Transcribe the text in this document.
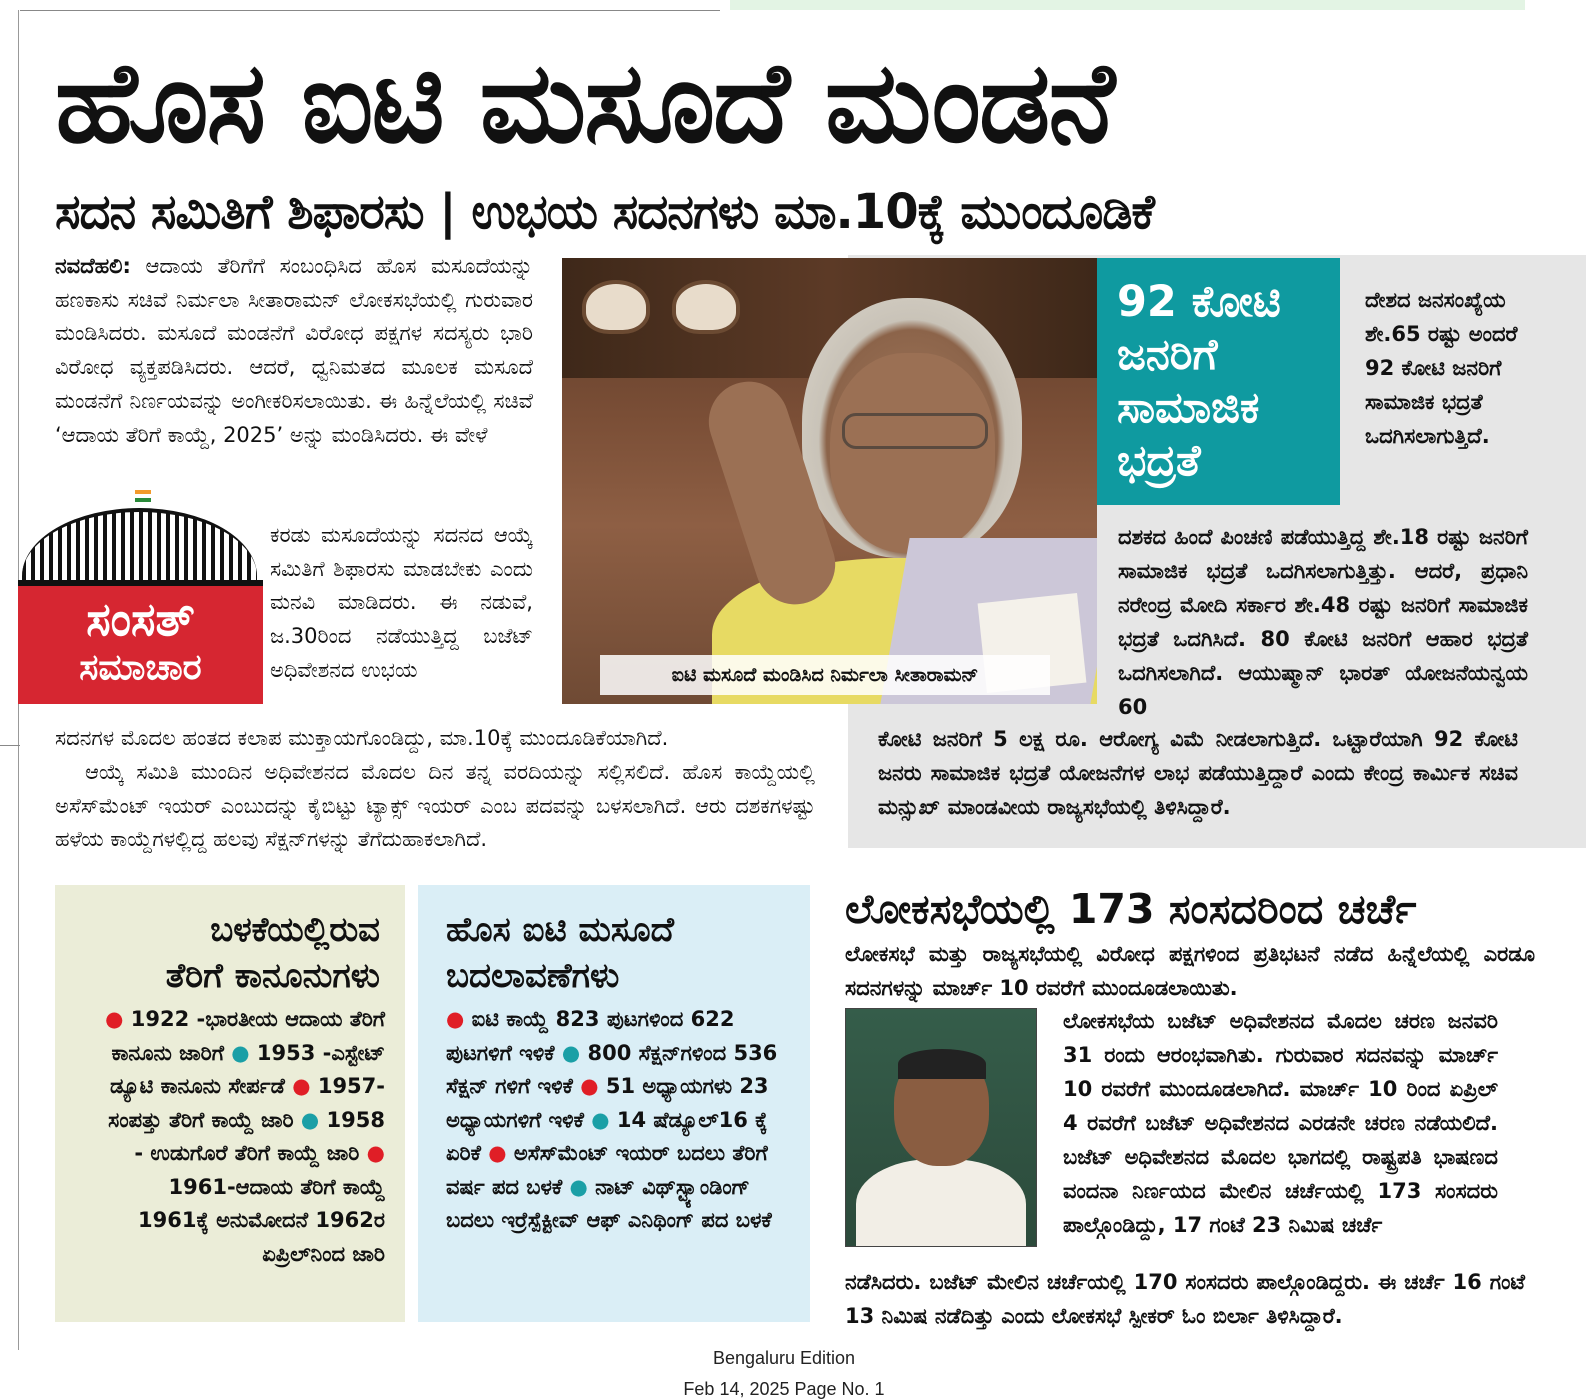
ಹೊಸ ಐಟಿ ಮಸೂದೆ ಮಂಡನೆ
ಸದನ ಸಮಿತಿಗೆ ಶಿಫಾರಸು | ಉಭಯ ಸದನಗಳು ಮಾ.10ಕ್ಕೆ ಮುಂದೂಡಿಕೆ
ನವದೆಹಲಿ: ಆದಾಯ ತೆರಿಗೆಗೆ ಸಂಬಂಧಿಸಿದ ಹೊಸ ಮಸೂದೆಯನ್ನು ಹಣಕಾಸು ಸಚಿವೆ ನಿರ್ಮಲಾ ಸೀತಾರಾಮನ್ ಲೋಕಸಭೆಯಲ್ಲಿ ಗುರುವಾರ ಮಂಡಿಸಿದರು. ಮಸೂದೆ ಮಂಡನೆಗೆ ವಿರೋಧ ಪಕ್ಷಗಳ ಸದಸ್ಯರು ಭಾರಿ ವಿರೋಧ ವ್ಯಕ್ತಪಡಿಸಿದರು. ಆದರೆ, ಧ್ವನಿಮತದ ಮೂಲಕ ಮಸೂದೆ ಮಂಡನೆಗೆ ನಿರ್ಣಯವನ್ನು ಅಂಗೀಕರಿಸಲಾಯಿತು. ಈ ಹಿನ್ನೆಲೆಯಲ್ಲಿ ಸಚಿವೆ ‘ಆದಾಯ ತೆರಿಗೆ ಕಾಯ್ದೆ, 2025’ ಅನ್ನು ಮಂಡಿಸಿದರು. ಈ ವೇಳೆ
ಕರಡು ಮಸೂದೆಯನ್ನು ಸದನದ ಆಯ್ಕೆ ಸಮಿತಿಗೆ ಶಿಫಾರಸು ಮಾಡಬೇಕು ಎಂದು ಮನವಿ ಮಾಡಿದರು. ಈ ನಡುವೆ, ಜ.30ರಿಂದ ನಡೆಯುತ್ತಿದ್ದ ಬಜೆಟ್ ಅಧಿವೇಶನದ ಉಭಯ
ಸದನಗಳ ಮೊದಲ ಹಂತದ ಕಲಾಪ ಮುಕ್ತಾಯಗೊಂಡಿದ್ದು, ಮಾ.10ಕ್ಕೆ ಮುಂದೂಡಿಕೆಯಾಗಿದೆ.
ಆಯ್ಕೆ ಸಮಿತಿ ಮುಂದಿನ ಅಧಿವೇಶನದ ಮೊದಲ ದಿನ ತನ್ನ ವರದಿಯನ್ನು ಸಲ್ಲಿಸಲಿದೆ. ಹೊಸ ಕಾಯ್ದೆಯಲ್ಲಿ ಅಸೆಸ್‌ಮೆಂಟ್ ಇಯರ್ ಎಂಬುದನ್ನು ಕೈಬಿಟ್ಟು ಟ್ಯಾಕ್ಸ್ ಇಯರ್ ಎಂಬ ಪದವನ್ನು ಬಳಸಲಾಗಿದೆ. ಆರು ದಶಕಗಳಷ್ಟು ಹಳೆಯ ಕಾಯ್ದೆಗಳಲ್ಲಿದ್ದ ಹಲವು ಸೆಕ್ಷನ್‌ಗಳನ್ನು ತೆಗೆದುಹಾಕಲಾಗಿದೆ.
ಸಂಸತ್
ಸಮಾಚಾರ	ಐಟಿ ಮಸೂದೆ ಮಂಡಿಸಿದ ನಿರ್ಮಲಾ ಸೀತಾರಾಮನ್
92 ಕೋಟಿ ಜನರಿಗೆ ಸಾಮಾಜಿಕ ಭದ್ರತೆ
ದೇಶದ ಜನಸಂಖ್ಯೆಯ ಶೇ.65 ರಷ್ಟು ಅಂದರೆ 92 ಕೋಟಿ ಜನರಿಗೆ ಸಾಮಾಜಿಕ ಭದ್ರತೆ ಒದಗಿಸಲಾಗುತ್ತಿದೆ.
ದಶಕದ ಹಿಂದೆ ಪಿಂಚಣಿ ಪಡೆಯುತ್ತಿದ್ದ ಶೇ.18 ರಷ್ಟು ಜನರಿಗೆ ಸಾಮಾಜಿಕ ಭದ್ರತೆ ಒದಗಿಸಲಾಗುತ್ತಿತ್ತು. ಆದರೆ, ಪ್ರಧಾನಿ ನರೇಂದ್ರ ಮೋದಿ ಸರ್ಕಾರ ಶೇ.48 ರಷ್ಟು ಜನರಿಗೆ ಸಾಮಾಜಿಕ ಭದ್ರತೆ ಒದಗಿಸಿದೆ. 80 ಕೋಟಿ ಜನರಿಗೆ ಆಹಾರ ಭದ್ರತೆ ಒದಗಿಸಲಾಗಿದೆ. ಆಯುಷ್ಮಾನ್ ಭಾರತ್ ಯೋಜನೆಯನ್ವಯ 60
ಕೋಟಿ ಜನರಿಗೆ 5 ಲಕ್ಷ ರೂ. ಆರೋಗ್ಯ ವಿಮೆ ನೀಡಲಾಗುತ್ತಿದೆ. ಒಟ್ಟಾರೆಯಾಗಿ 92 ಕೋಟಿ ಜನರು ಸಾಮಾಜಿಕ ಭದ್ರತೆ ಯೋಜನೆಗಳ ಲಾಭ ಪಡೆಯುತ್ತಿದ್ದಾರೆ ಎಂದು ಕೇಂದ್ರ ಕಾರ್ಮಿಕ ಸಚಿವ ಮನ್ಸುಖ್ ಮಾಂಡವೀಯ ರಾಜ್ಯಸಭೆಯಲ್ಲಿ ತಿಳಿಸಿದ್ದಾರೆ.
ಬಳಕೆಯಲ್ಲಿರುವ
ತೆರಿಗೆ ಕಾನೂನುಗಳು
● 1922 -ಭಾರತೀಯ ಆದಾಯ ತೆರಿಗೆ ಕಾನೂನು ಜಾರಿಗೆ ● 1953 -ಎಸ್ಟೇಟ್ ಡ್ಯೂಟಿ ಕಾನೂನು ಸೇರ್ಪಡೆ ● 1957- ಸಂಪತ್ತು ತೆರಿಗೆ ಕಾಯ್ದೆ ಜಾರಿ ● 1958 - ಉಡುಗೊರೆ ತೆರಿಗೆ ಕಾಯ್ದೆ ಜಾರಿ ● 1961-ಆದಾಯ ತೆರಿಗೆ ಕಾಯ್ದೆ 1961ಕ್ಕೆ ಅನುಮೋದನೆ 1962ರ ಏಪ್ರಿಲ್‌ನಿಂದ ಜಾರಿ
ಹೊಸ ಐಟಿ ಮಸೂದೆ
ಬದಲಾವಣೆಗಳು
● ಐಟಿ ಕಾಯ್ದೆ 823 ಪುಟಗಳಿಂದ 622 ಪುಟಗಳಿಗೆ ಇಳಿಕೆ ● 800 ಸೆಕ್ಷನ್‌ಗಳಿಂದ 536 ಸೆಕ್ಷನ್ ಗಳಿಗೆ ಇಳಿಕೆ ● 51 ಅಧ್ಯಾಯಗಳು 23 ಅಧ್ಯಾಯಗಳಿಗೆ ಇಳಿಕೆ ● 14 ಷೆಡ್ಯೂಲ್16 ಕ್ಕೆ ಏರಿಕೆ ● ಅಸೆಸ್‌ಮೆಂಟ್ ಇಯರ್ ಬದಲು ತೆರಿಗೆ ವರ್ಷ ಪದ ಬಳಕೆ ● ನಾಟ್ ವಿಥ್‌ಸ್ಟ್ಯಾಂಡಿಂಗ್ ಬದಲು ಇರ್ರೆಸ್ಪೆಕ್ಟೀವ್ ಆಫ್ ಎನಿಥಿಂಗ್ ಪದ ಬಳಕೆ
ಲೋಕಸಭೆಯಲ್ಲಿ 173 ಸಂಸದರಿಂದ ಚರ್ಚೆ
ಲೋಕಸಭೆ ಮತ್ತು ರಾಜ್ಯಸಭೆಯಲ್ಲಿ ವಿರೋಧ ಪಕ್ಷಗಳಿಂದ ಪ್ರತಿಭಟನೆ ನಡೆದ ಹಿನ್ನೆಲೆಯಲ್ಲಿ ಎರಡೂ ಸದನಗಳನ್ನು ಮಾರ್ಚ್ 10 ರವರೆಗೆ ಮುಂದೂಡಲಾಯಿತು.
ಲೋಕಸಭೆಯ ಬಜೆಟ್ ಅಧಿವೇಶನದ ಮೊದಲ ಚರಣ ಜನವರಿ 31 ರಂದು ಆರಂಭವಾಗಿತು. ಗುರುವಾರ ಸದನವನ್ನು ಮಾರ್ಚ್ 10 ರವರೆಗೆ ಮುಂದೂಡಲಾಗಿದೆ. ಮಾರ್ಚ್ 10 ರಿಂದ ಏಪ್ರಿಲ್ 4 ರವರೆಗೆ ಬಜೆಟ್ ಅಧಿವೇಶನದ ಎರಡನೇ ಚರಣ ನಡೆಯಲಿದೆ. ಬಜೆಟ್ ಅಧಿವೇಶನದ ಮೊದಲ ಭಾಗದಲ್ಲಿ ರಾಷ್ಟ್ರಪತಿ ಭಾಷಣದ ವಂದನಾ ನಿರ್ಣಯದ ಮೇಲಿನ ಚರ್ಚೆಯಲ್ಲಿ 173 ಸಂಸದರು ಪಾಲ್ಗೊಂಡಿದ್ದು, 17 ಗಂಟೆ 23 ನಿಮಿಷ ಚರ್ಚೆ
ನಡೆಸಿದರು. ಬಜೆಟ್ ಮೇಲಿನ ಚರ್ಚೆಯಲ್ಲಿ 170 ಸಂಸದರು ಪಾಲ್ಗೊಂಡಿದ್ದರು. ಈ ಚರ್ಚೆ 16 ಗಂಟೆ 13 ನಿಮಿಷ ನಡೆದಿತ್ತು ಎಂದು ಲೋಕಸಭೆ ಸ್ಪೀಕರ್ ಓಂ ಬಿರ್ಲಾ ತಿಳಿಸಿದ್ದಾರೆ.
Bengaluru Edition
Feb 14, 2025 Page No. 1
